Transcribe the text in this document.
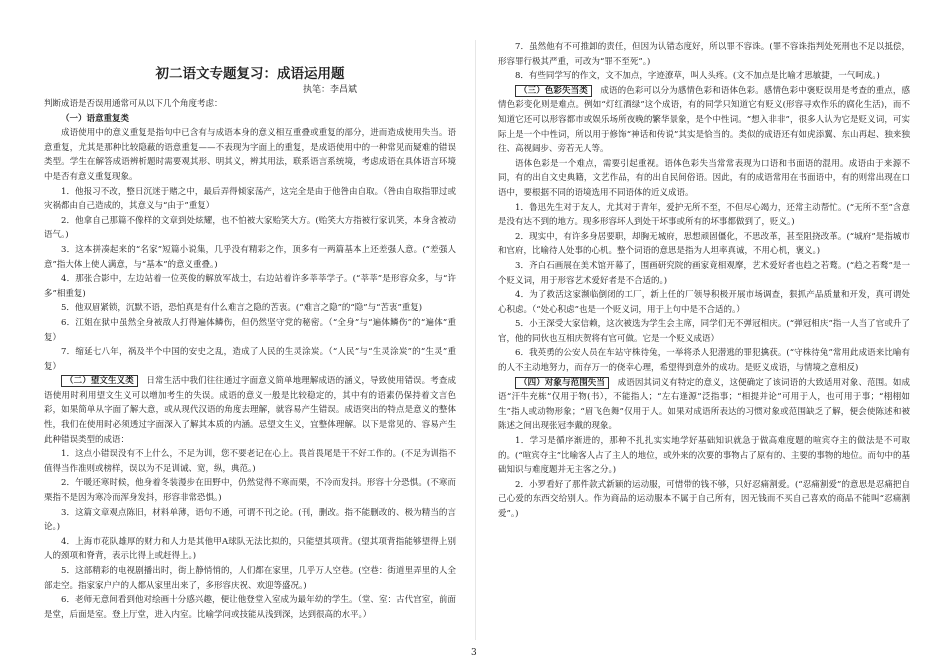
初二语文专题复习：成语运用题
执笔：李昌斌

判断成语是否误用通常可从以下几个角度考虑：

（一）语意重复类

成语使用中的意义重复是指句中已含有与成语本身的意义相互重叠或重复的部分，进而造成使用失当。语意重复，尤其是那种比较隐蔽的语意重复——不表现为字面上的重复，是成语使用中的一种常见而疑难的错误类型。学生在解答成语辨析题时需要观其形、明其义，辨其用法，联系语言系统境，考虑成语在具体语言环境中是否有意义重复现象。

1．他报习不改，整日沉迷于赌之中，最后弄得倾家荡产，这完全是由于他咎由自取。（咎由自取指罪过或灾祸都由自己造成的，其意义与“由于”重复）

2．他拿自己那篇不像样的文章到处炫耀，也不怕被大家贻笑大方。(贻笑大方指被行家讥笑，本身含被动语气。)

3．这本拼凑起来的“名家”短篇小说集，几乎没有精彩之作，顶多有一两篇基本上还差强人意。(“差强人意”指大体上使人满意，与“基本”的意义重叠。)

4．那张合影中，左边站着一位英俊的解放军战士，右边站着许多莘莘学子。(“莘莘”是形容众多，与“许多”相重复)

5．他双眉紧锁，沉默不语，恐怕真是有什么难言之隐的苦衷。(“难言之隐”的“隐”与“苦衷”重复)

6．江姐在狱中虽然全身被敌人打得遍体鳞伤，但仍然坚守党的秘密。（“全身”与“遍体鳞伤”的“遍体”重复）

7．缩延七八年，祸及半个中国的安史之乱，造成了人民的生灵涂炭。（“人民”与“生灵涂炭”的“生灵”重复）

（二）望文生义类　 日常生活中我们往往通过字面意义简单地理解成语的涵义，导致使用错误。考查成语使用时利用望文生义可以增加考生的失误。成语的意义一般是比较稳定的，其中有的语素仍保持着文言色彩，如果简单从字面了解大意，或从现代汉语的角度去理解，就容易产生错误。成语突出的特点是意义的整体性，我们在使用时必须透过字面深入了解其本质的内涵。忌望文生义，宜整体理解。以下是常见的、容易产生此种错误类型的成语：

1．这点小错误没有不上什么，不足为训，您不要老记在心上。畏首畏尾是干不好工作的。(不足为训指不值得当作准则或榜样，误以为不足训诫、宽，纵，典范。)

2．午暖还寒时候，他身着冬装漫步在田野中，仍然觉得不寒而栗，不冷而发抖。形容十分恐惧。(不寒而栗指不是因为寒冷而浑身发抖，形容非常恐惧。)

3．这篇文章观点陈旧，材料单薄，语句不通，可谓不刊之论。(刊，删改。指不能删改的、极为精当的言论。)

4．上海市花队雄厚的财力和人力是其他甲A球队无法比拟的，只能望其项背。(望其项背指能够望得上别人的颈项和脊背，表示比得上或赶得上。)

5．这部精彩的电视剧播出时，街上静悄悄的，人们都在家里，几乎万人空巷。(空巷：街道里弄里的人全部走空。指家家户户的人都从家里出来了，多形容庆祝、欢迎等盛况。)

6．老师无意间看到他对绘画十分感兴趣，便让他登堂入室成为最年幼的学生。（堂、室：古代宫室，前面是堂，后面是室。登上厅堂，进入内室。比喻学问或技能从浅到深，达到很高的水平。）

7．虽然他有不可推卸的责任，但因为认错态度好，所以罪不容诛。(罪不容诛指判处死刑也不足以抵偿，形容罪行极其严重，可改为“罪不至死”。)

8．有些同学写的作文，文不加点，字迹潦草，叫人头疼。(文不加点是比喻才思敏捷，一气呵成。)

（三）色彩失当类　 成语的色彩可以分为感情色彩和语体色彩。感情色彩中褒贬误用是考查的重点，感情色彩变化则是难点。例如“灯红酒绿”这个成语，有的同学只知道它有贬义(形容寻欢作乐的腐化生活)，而不知道它还可以形容都市或娱乐场所夜晚的繁华景象，是个中性词。“想入非非”，很多人认为它是贬义词，可实际上是一个中性词，所以用于修饰“神话和传说”其实是恰当的。类似的成语还有如虎添翼、东山再起、独来独往、高视阔步、旁若无人等。

语体色彩是一个难点，需要引起重视。语体色彩失当常常表现为口语和书面语的混用。成语由于来源不同，有的出自文史典籍，文艺作品，有的出自民间俗语。因此，有的成语常用在书面语中，有的则常出现在口语中，要根据不同的语境选用不同语体的近义成语。

1．鲁迅先生对于友人，尤其对于青年，爱护无所不至，不但尽心竭力，还常主动帮忙。(“无所不至”含意是没有达不到的地方。现多形容坏人到处干坏事或所有的坏事都做到了，贬义。)

2．现实中，有许多身居要职，却胸无城府，思想顽固僵化，不思改革，甚至阻挠改革。(“城府”是指城市和官府，比喻待人处事的心机。整个词语的意思是指为人坦率真诚，不用心机，褒义。)

3．齐白石画展在美术馆开幕了，围画研究院的画家竟相观摩，艺术爱好者也趋之若鹜。(“趋之若鹜”是一个贬义词，用于形容艺术爱好者是不合适的。)

4．为了救活这家濒临倒闭的工厂，新上任的厂领导积极开展市场调查，狠抓产品质量和开发，真可谓处心积虑。（“处心积虑”也是一个贬义词，用于上句中是不合适的。）

5．小王深受大家信赖，这次被选为学生会主席，同学们无不弹冠相庆。(“弹冠相庆”指一人当了官或升了官，他的同伙也互相庆贺将有官可做。它是一个贬义成语）

6．我英勇的公安人员在车站守株待兔，一举将杀人犯潜逃的罪犯擒获。(“守株待兔”常用此成语来比喻有的人不主动地努力，而存万一的侥幸心理，希望得到意外的成功。是贬义成语，与情境之意相反)

（四）对象与范围失当　 成语因其词义有特定的意义，这便确定了该词语的大致适用对象、范围。如成语“汗牛充栋”仅用于物(书），不能指人；“左右逢源”泛指事；“相提并论”可用于人，也可用于事；“栩栩如生”指人或动物形象；“眉飞色舞”仅用于人。如果对成语所表达的习惯对象或范围缺乏了解，便会使陈述和被陈述之间出现张冠李戴的现象。

1．学习是循序渐进的，那种不扎扎实实地学好基础知识就急于做高难度题的喧宾夺主的做法是不可取的。(“喧宾夺主”比喻客人占了主人的地位，或外来的次要的事物占了原有的、主要的事物的地位。而句中的基础知识与难度题并无主客之分。)

2．小罗看好了那件款式新颖的运动服，可惜带的钱不够，只好忍痛割爱。(“忍痛割爱”的意思是忍痛把自己心爱的东西交给别人。作为商品的运动服本不属于自己所有，因无钱而不买自己喜欢的商品不能叫“忍痛割爱”。)

3
